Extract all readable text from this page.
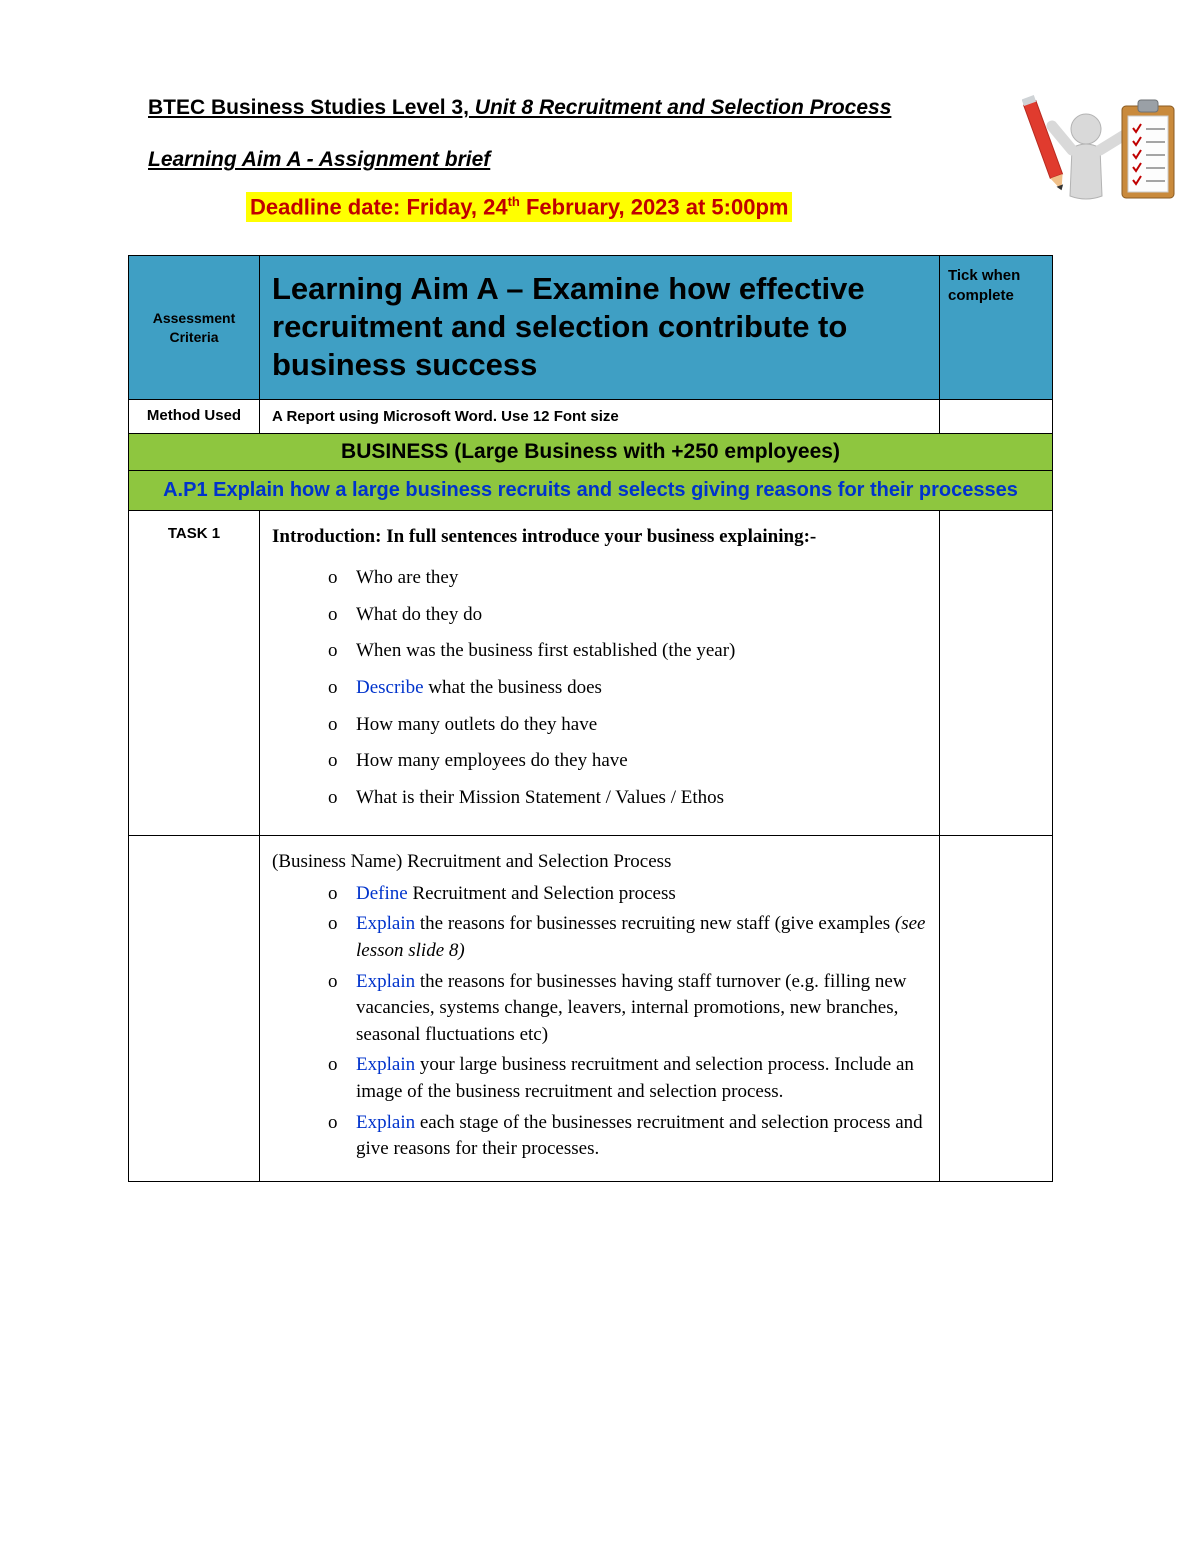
BTEC Business Studies Level 3, Unit 8 Recruitment and Selection Process
Learning Aim A - Assignment brief
Deadline date: Friday, 24th February, 2023 at 5:00pm
Assessment Criteria	Learning Aim A – Examine how effective recruitment and selection contribute to business success	Tick when complete
Method Used	A Report using Microsoft Word. Use 12 Font size	
BUSINESS (Large Business with +250 employees)		
A.P1 Explain how a large business recruits and selects giving reasons for their processes		
TASK 1	Introduction: In full sentences introduce your business explaining:-
o Who are they
o What do they do
o When was the business first established (the year)
o Describe what the business does
o How many outlets do they have
o How many employees do they have
o What is their Mission Statement / Values / Ethos

(Business Name) Recruitment and Selection Process
o Define Recruitment and Selection process
o Explain the reasons for businesses recruiting new staff (give examples (see lesson slide 8)
o Explain the reasons for businesses having staff turnover (e.g. filling new vacancies, systems change, leavers, internal promotions, new branches, seasonal fluctuations etc)
o Explain your large business recruitment and selection process. Include an image of the business recruitment and selection process.
o Explain each stage of the businesses recruitment and selection process and give reasons for their processes.
